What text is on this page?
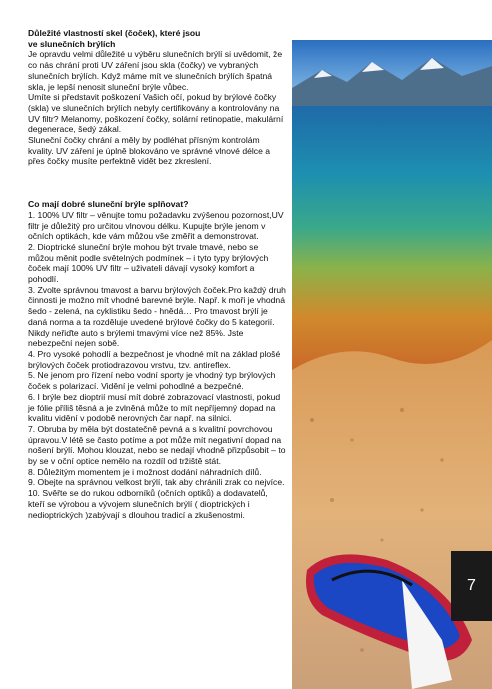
Důležité vlastností skel (čoček), které jsou
ve slunečních brýlích

Je opravdu velmi důležité u výběru slunečních brýlí si uvědomit, že co nás chrání proti UV záření jsou skla (čočky) ve vybraných slunečních brýlích. Když máme mít ve slunečních brýlích špatná skla, je lepší nenosit sluneční brýle vůbec.

Umíte si představit poškození Vašich očí, pokud by brýlové čočky (skla) ve slunečních brýlích nebyly certifikovány a kontrolovány na UV filtr? Melanomy, poškození čočky, solární retinopatie, makulární degenerace, šedý zákal.

Sluneční čočky chrání a měly by podléhat přísným kontrolám kvality. UV záření je úplně blokováno ve správné vlnové délce a přes čočky musíte perfektně vidět bez zkreslení.

Co mají dobré sluneční brýle splňovat?

1. 100% UV filtr – věnujte tomu požadavku zvýšenou pozornost,UV filtr je důležitý pro určitou vlnovou délku. Kupujte brýle jenom v očních optikách, kde vám můžou vše změřit a demonstrovat.

2. Dioptrické sluneční brýle mohou být trvale tmavé, nebo se můžou měnit podle světelných podmínek – i tyto typy brýlových čoček mají 100% UV filtr – uživateli dávají vysoký komfort a pohodlí.

3. Zvolte správnou tmavost a barvu brýlových čoček.Pro každý druh činnosti je možno mít vhodné barevné brýle. Např. k moři je vhodná šedo - zelená, na cyklistiku šedo - hnědá… Pro tmavost brýlí je daná norma a ta rozděluje uvedené brýlové čočky do 5 kategorií. Nikdy neřiďte auto s brýlemi tmavými více než 85%. Jste nebezpeční nejen sobě.

4. Pro vysoké pohodlí a bezpečnost je vhodné mít na základ plošé brýlových čoček protiodrazovou vrstvu, tzv. antireflex.

5. Ne jenom pro řízení nebo vodní sporty je vhodný typ brýlových čoček s polarizací. Vidění je velmi pohodlné a bezpečné.

6. I brýle bez dioptrií musí mít dobré zobrazovací vlastnosti, pokud je fólie příliš tĕsná a je zvlněná může to mít nepříjemný dopad na kvalitu vidění v podobě nerovných čar např. na silnici.

7. Obruba by měla být dostatečně pevná a s kvalitní povrchovou úpravou.V létě se často potíme a pot může mít negativní dopad na nošení brýlí. Mohou klouzat, nebo se nedají vhodně přizpůsobit – to by se v oční optice nemělo na rozdíl od tržiště stát.

8. Důležitým momentem je i možnost dodání náhradních dílů.

9. Obejte na správnou velkost brýlí, tak aby chránili zrak co nejvíce.

10. Svěřte se do rukou odborníků (očních optiků) a dodavatelů, kteří se výrobou a vývojem slunečních brýlí ( dioptrických i nedioptrických )zabývají s dlouhou tradicí a zkušenostmi.

7
